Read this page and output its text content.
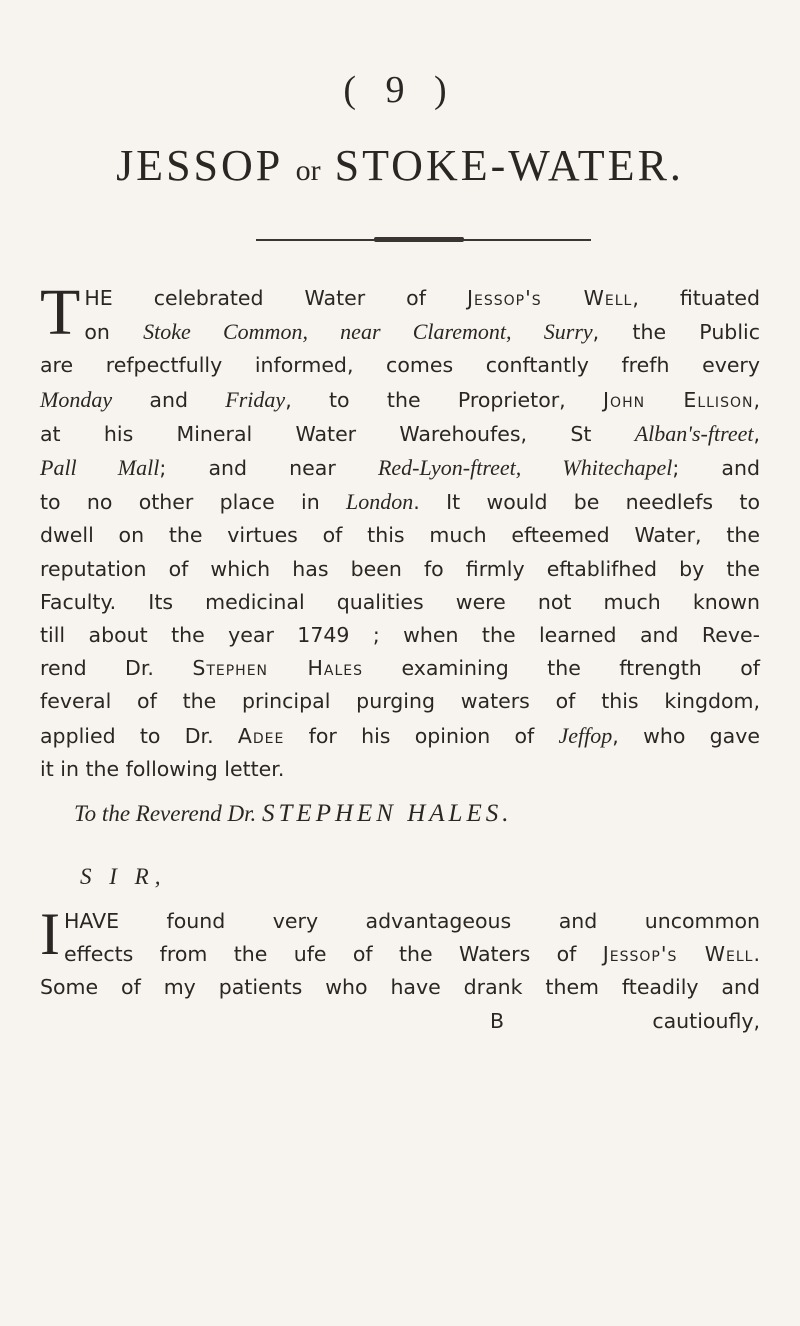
( 9 )
JESSOP or STOKE-WATER.
T HE celebrated Water of Jessop's Well, fituated
on Stoke Common, near Claremont, Surry, the Public
are refpectfully informed, comes conftantly frefh every
Monday and Friday, to the Proprietor, John Ellison,
at his Mineral Water Warehoufes, St Alban's-ftreet,
Pall Mall; and near Red-Lyon-ftreet, Whitechapel; and
to no other place in London. It would be needlefs to
dwell on the virtues of this much efteemed Water, the
reputation of which has been fo firmly eftablifhed by the
Faculty. Its medicinal qualities were not much known
till about the year 1749 ; when the learned and Reve-
rend Dr. Stephen Hales examining the ftrength of
feveral of the principal purging waters of this kingdom,
applied to Dr. Adee for his opinion of Jeffop, who gave
it in the following letter.
To the Reverend Dr. STEPHEN HALES.
S I R,
I HAVE found very advantageous and uncommon
effects from the ufe of the Waters of Jessop's Well.
Some of my patients who have drank them fteadily and
B	cautioufly,
